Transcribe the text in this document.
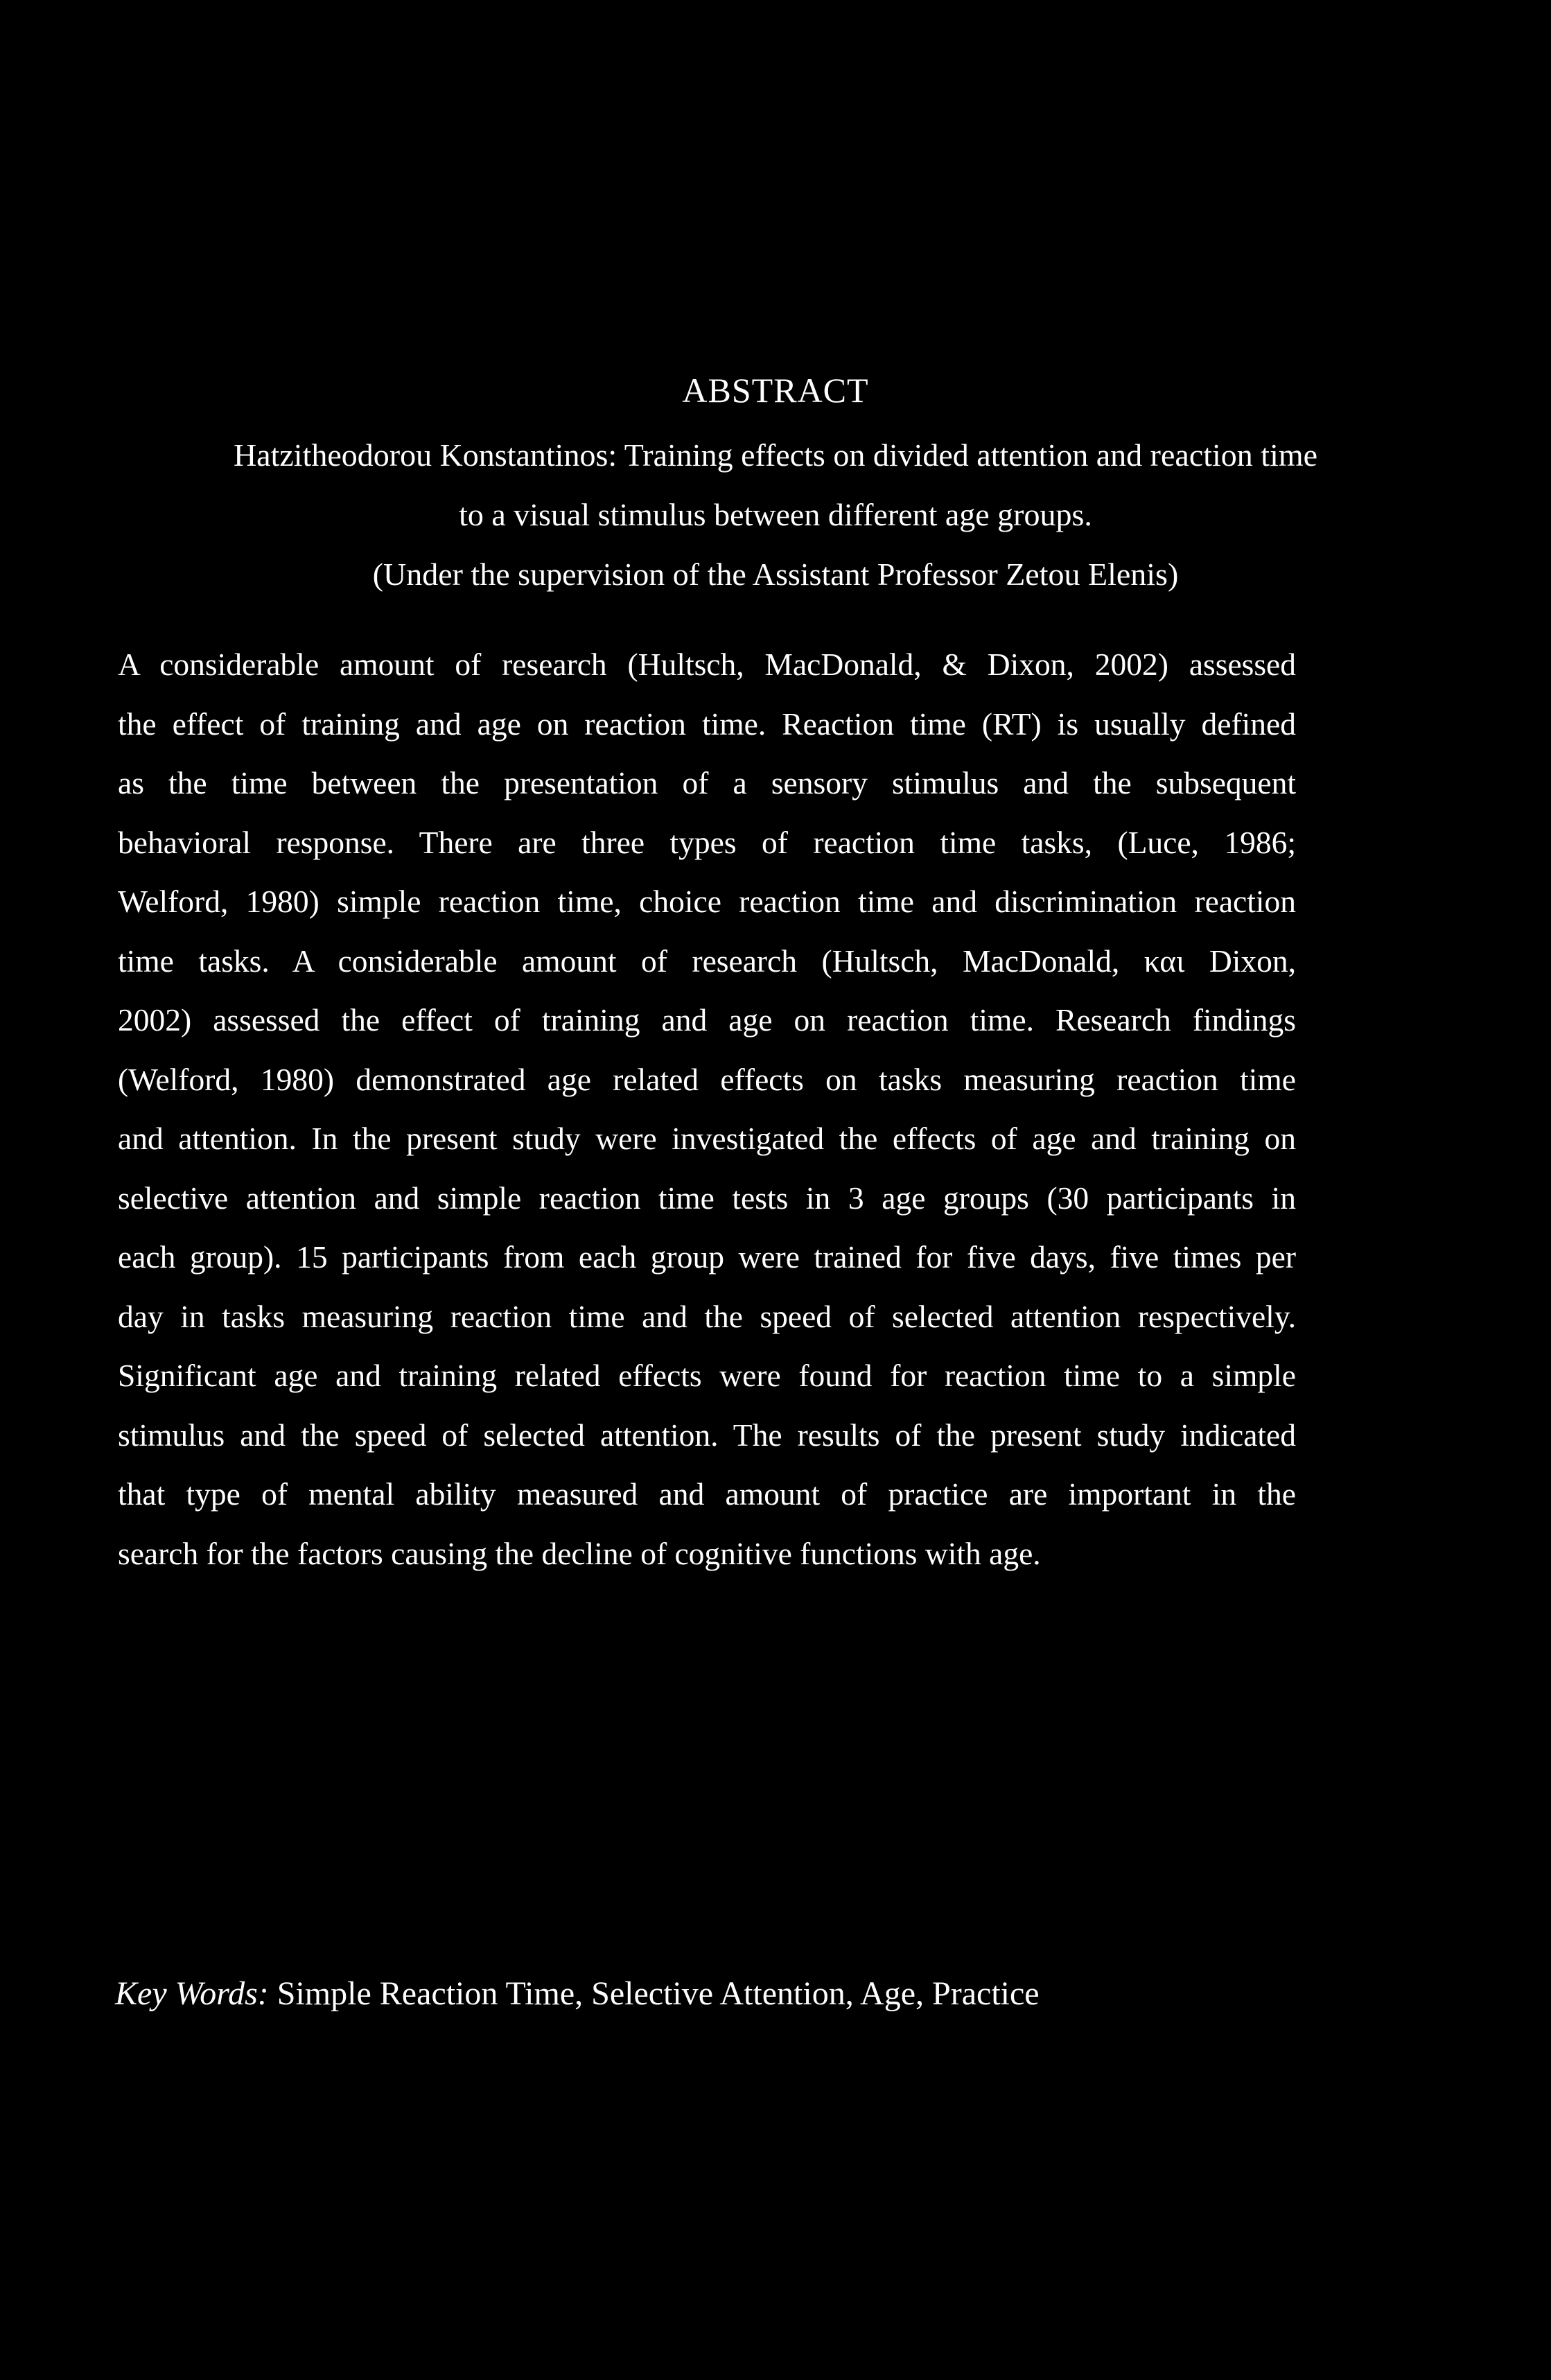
ABSTRACT
Hatzitheodorou Konstantinos: Training effects on divided attention and reaction time
to a visual stimulus between different age groups.
(Under the supervision of the Assistant Professor Zetou Elenis)
A considerable amount of research (Hultsch, MacDonald, & Dixon, 2002) assessed
the effect of training and age on reaction time. Reaction time (RT) is usually defined
as the time between the presentation of a sensory stimulus and the subsequent
behavioral response. There are three types of reaction time tasks, (Luce, 1986;
Welford, 1980) simple reaction time, choice reaction time and discrimination reaction
time tasks. A considerable amount of research (Hultsch, MacDonald, και Dixon,
2002) assessed the effect of training and age on reaction time. Research findings
(Welford, 1980) demonstrated age related effects on tasks measuring reaction time
and attention. In the present study were investigated the effects of age and training on
selective attention and simple reaction time tests in 3 age groups (30 participants in
each group). 15 participants from each group were trained for five days, five times per
day in tasks measuring reaction time and the speed of selected attention respectively.
Significant age and training related effects were found for reaction time to a simple
stimulus and the speed of selected attention. The results of the present study indicated
that type of mental ability measured and amount of practice are important in the
search for the factors causing the decline of cognitive functions with age.

Key Words: Simple Reaction Time, Selective Attention, Age, Practice
